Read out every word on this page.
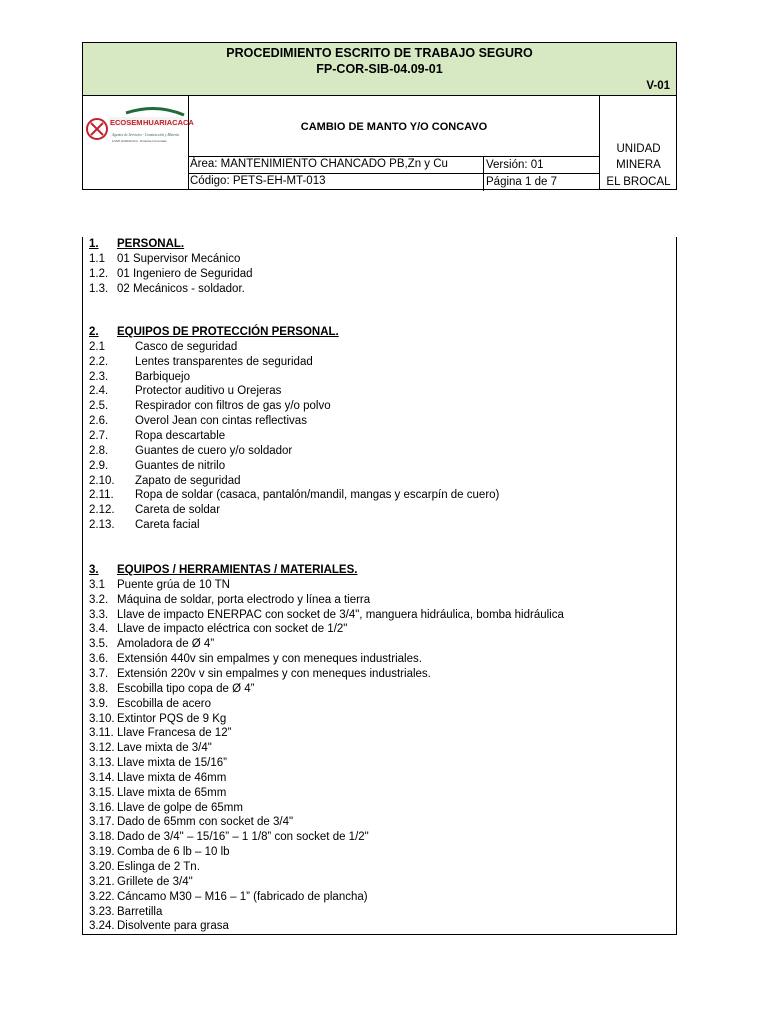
PROCEDIMIENTO ESCRITO DE TRABAJO SEGURO
FP-COR-SIB-04.09-01
V-01
ECOSEM HUARIACACA
Agentes de Servicios - Construcción y Minería
& MVP HUARIACACA - Productos Comerciales
CAMBIO DE MANTO Y/O CONCAVO
Área: MANTENIMIENTO CHANCADO PB,Zn y Cu	Versión: 01
Código: PETS-EH-MT-013	Página 1 de 7
UNIDAD
MINERA
EL BROCAL
1. PERSONAL.
1.1 01 Supervisor Mecánico
1.2. 01 Ingeniero de Seguridad
1.3. 02 Mecánicos - soldador.
2. EQUIPOS DE PROTECCIÓN PERSONAL.
2.1	Casco de seguridad
2.2. Lentes transparentes de seguridad
2.3. Barbiquejo
2.4. Protector auditivo u Orejeras
2.5. Respirador con filtros de gas y/o polvo
2.6. Overol Jean con cintas reflectivas
2.7. Ropa descartable
2.8. Guantes de cuero y/o soldador
2.9. Guantes de nitrilo
2.10. Zapato de seguridad
2.11. Ropa de soldar (casaca, pantalón/mandil, mangas y escarpín de cuero)
2.12. Careta de soldar
2.13. Careta facial
3. EQUIPOS / HERRAMIENTAS / MATERIALES.
3.1 Puente grúa de 10 TN
3.2. Máquina de soldar, porta electrodo y línea a tierra
3.3. Llave de impacto ENERPAC con socket de 3/4", manguera hidráulica, bomba hidráulica
3.4. Llave de impacto eléctrica con socket de 1/2"
3.5. Amoladora de Ø 4”
3.6. Extensión 440v sin empalmes y con meneques industriales.
3.7. Extensión 220v v sin empalmes y con meneques industriales.
3.8. Escobilla tipo copa de Ø 4”
3.9. Escobilla de acero
3.10. Extintor PQS de 9 Kg
3.11. Llave Francesa de 12”
3.12. Lave mixta de 3/4"
3.13. Llave mixta de 15/16”
3.14. Llave mixta de 46mm
3.15. Llave mixta de 65mm
3.16. Llave de golpe de 65mm
3.17. Dado de 65mm con socket de 3/4"
3.18. Dado de 3/4" – 15/16” – 1 1/8” con socket de 1/2"
3.19. Comba de 6 lb – 10 lb
3.20. Eslinga de 2 Tn.
3.21. Grillete de 3/4"
3.22. Cáncamo M30 – M16 – 1” (fabricado de plancha)
3.23. Barretilla
3.24. Disolvente para grasa
